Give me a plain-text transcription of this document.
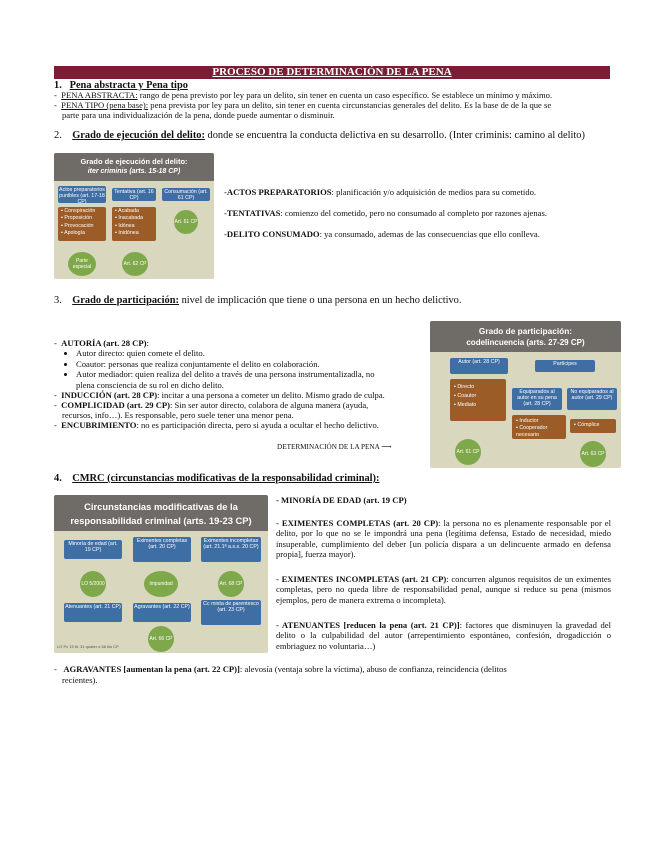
PROCESO DE DETERMINACIÓN DE LA PENA
1. Pena abstracta y Pena tipo
-  PENA ABSTRACTA: rango de pena previsto por ley para un delito, sin tener en cuenta un caso específico. Se establece un mínimo y máximo.
-  PENA TIPO (pena base): pena prevista por ley para un delito, sin tener en cuenta circunstancias generales del delito. Es la base de de la que se
parte para una individualización de la pena, donde puede aumentar o disminuir.
2. Grado de ejecución del delito: donde se encuentra la conducta delictiva en su desarrollo. (Inter criminis: camino al delito)
Grado de ejecución del delito:
iter criminis (arts. 15-18 CP)
Actos preparatorios punibles (art. 17-18 CP)
Tentativa (art. 16 CP)
Consumación (art. 61 CP)
▪ Conspiración
▪ Proposición
▪ Provocación
▪ Apología
▪ Acabada
▪ Inacabada
▪ Idónea
▪ Inidónea
Art. 61 CP
Parte especial	Art. 62 CP
-ACTOS PREPARATORIOS: planificación y/o adquisición de medios para su cometido.
-TENTATIVAS: comienzo del cometido, pero no consumado al completo por razones ajenas.
-DELITO CONSUMADO: ya consumado, ademas de las consecuencias que ello conlleva.
3. Grado de participación: nivel de implicación que tiene o una persona en un hecho delictivo.
-  AUTORÍA (art. 28 CP):
• Autor directo: quien comete el delito.
• Coautor: personas que realiza conjuntamente el delito en colaboración.
• Autor mediador: quien realiza del delito a través de una persona instrumentalizadla, no
plena consciencia de su rol en dicho delito.
-  INDUCCIÓN (art. 28 CP): incitar a una persona a cometer un delito. Mismo grado de culpa.
-  COMPLICIDAD (art. 29 CP): Sin ser autor directo, colabora de alguna manera (ayuda,
recursos, info…). Es responsable, pero suele tener una menor pena.
-  ENCUBRIMIENTO: no es participación directa, pero si ayuda a ocultar el hecho delictivo.
DETERMINACIÓN DE LA PENA ⟶
Grado de participación:
codelincuencia (arts. 27-29 CP)
Autor (art. 28 CP)	Partícipes
Equiparados al autor en su pena (art. 28 CP)
No equiparados al autor (art. 29 CP)
▪ Directo
▪ Coautor
▪ Mediato
▪ Inductor
▪ Cooperador necesario
▪ Cómplice
Art. 61 CP	Art. 63 CP
4. CMRC (circunstancias modificativas de la responsabilidad criminal):
Circunstancias modificativas de la
responsabilidad criminal (arts. 19-23 CP)
Minoría de edad (art. 19 CP)
Eximentes completas (art. 20 CP)
Eximentes incompletas (art. 21.1ª a.s.s. 20 CP)
LO 5/2000	Impunidad	Art. 68 CP
Atenuantes (art. 21 CP)	Agravantes (art. 22 CP)	Cc mixta de parentesco (art. 23 CP)
Art. 66 CP
LO Pc 15 tit. 31 quater o 66 bis CP
- MINORÍA DE EDAD (art. 19 CP)
- EXIMENTES COMPLETAS (art. 20 CP): la persona no es plenamente responsable por el delito, por lo que no se le impondrá una pena (legítima defensa, Estado de necesidad, miedo insuperable, cumplimiento del deber [un policía dispara a un delincuente armado en defensa propia], fuerza mayor).
- EXIMENTES INCOMPLETAS (art. 21 CP): concurren algunos requisitos de un eximentes completas, pero no queda libre de responsabilidad penal, aunque si reduce su pena (mismos ejemplos, pero de manera extrema o incompleta).
- ATENUANTES [reducen la pena (art. 21 CP)]: factores que disminuyen la gravedad del delito o la culpabilidad del autor (arrepentimiento espontáneo, confesión, drogadicción o embriaguez no voluntaria…)
- AGRAVANTES [aumentan la pena (art. 22 CP)]: alevosía (ventaja sobre la víctima), abuso de confianza, reincidencia (delitos
recientes).
